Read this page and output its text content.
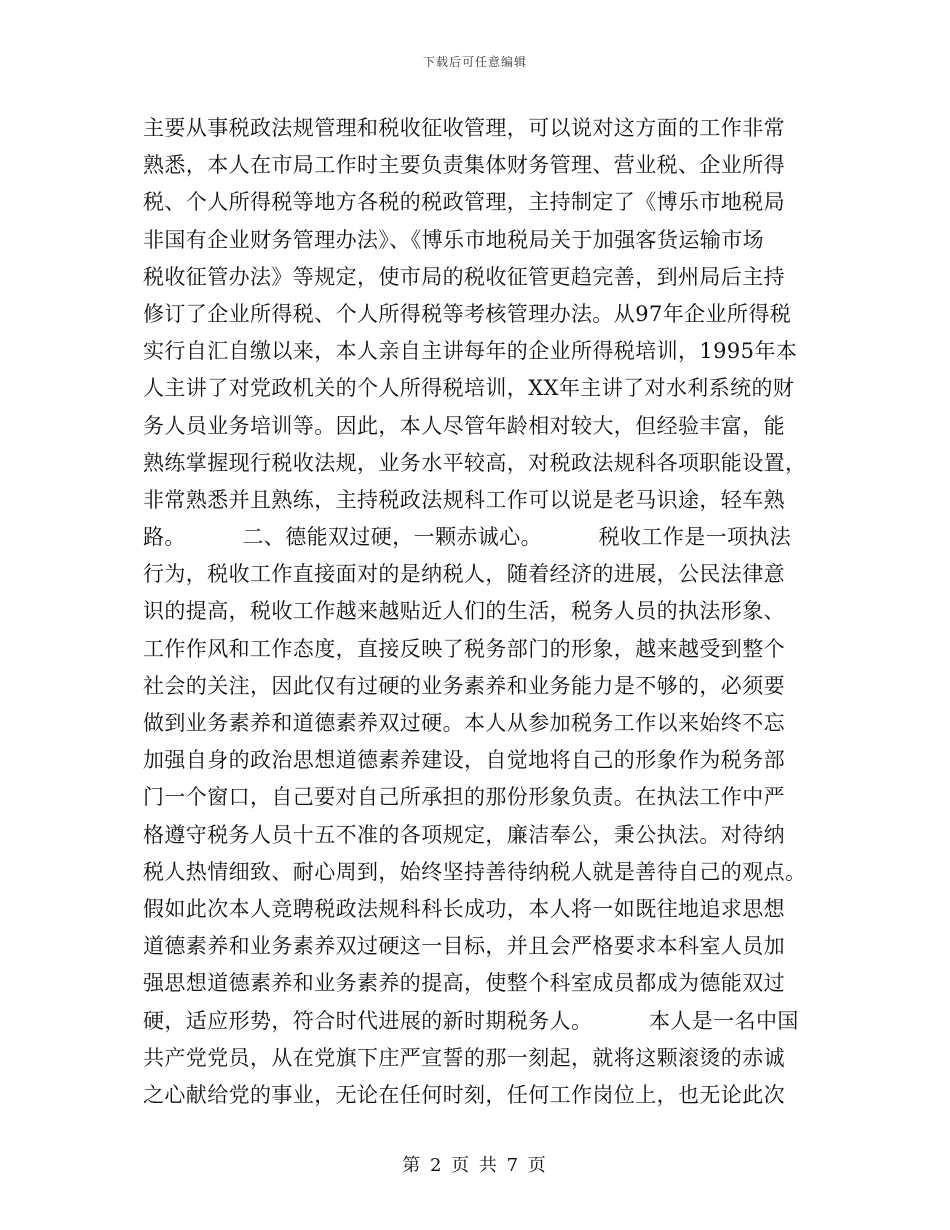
下载后可任意编辑
主要从事税政法规管理和税收征收管理，可以说对这方面的工作非常
熟悉，本人在市局工作时主要负责集体财务管理、营业税、企业所得
税、个人所得税等地方各税的税政管理，主持制定了《博乐市地税局
非国有企业财务管理办法》、《博乐市地税局关于加强客货运输市场
税收征管办法》等规定，使市局的税收征管更趋完善，到州局后主持
修订了企业所得税、个人所得税等考核管理办法。从97年企业所得税
实行自汇自缴以来，本人亲自主讲每年的企业所得税培训，1995年本
人主讲了对党政机关的个人所得税培训，XX年主讲了对水利系统的财
务人员业务培训等。因此，本人尽管年龄相对较大，但经验丰富，能
熟练掌握现行税收法规，业务水平较高，对税政法规科各项职能设置，
非常熟悉并且熟练，主持税政法规科工作可以说是老马识途，轻车熟
路。        二、德能双过硬，一颗赤诚心。        税收工作是一项执法
行为，税收工作直接面对的是纳税人，随着经济的进展，公民法律意
识的提高，税收工作越来越贴近人们的生活，税务人员的执法形象、
工作作风和工作态度，直接反映了税务部门的形象，越来越受到整个
社会的关注，因此仅有过硬的业务素养和业务能力是不够的，必须要
做到业务素养和道德素养双过硬。本人从参加税务工作以来始终不忘
加强自身的政治思想道德素养建设，自觉地将自己的形象作为税务部
门一个窗口，自己要对自己所承担的那份形象负责。在执法工作中严
格遵守税务人员十五不准的各项规定，廉洁奉公，秉公执法。对待纳
税人热情细致、耐心周到，始终坚持善待纳税人就是善待自己的观点。
假如此次本人竞聘税政法规科科长成功，本人将一如既往地追求思想
道德素养和业务素养双过硬这一目标，并且会严格要求本科室人员加
强思想道德素养和业务素养的提高，使整个科室成员都成为德能双过
硬，适应形势，符合时代进展的新时期税务人。        本人是一名中国
共产党党员，从在党旗下庄严宣誓的那一刻起，就将这颗滚烫的赤诚
之心献给党的事业，无论在任何时刻，任何工作岗位上，也无论此次
第 2 页 共 7 页
